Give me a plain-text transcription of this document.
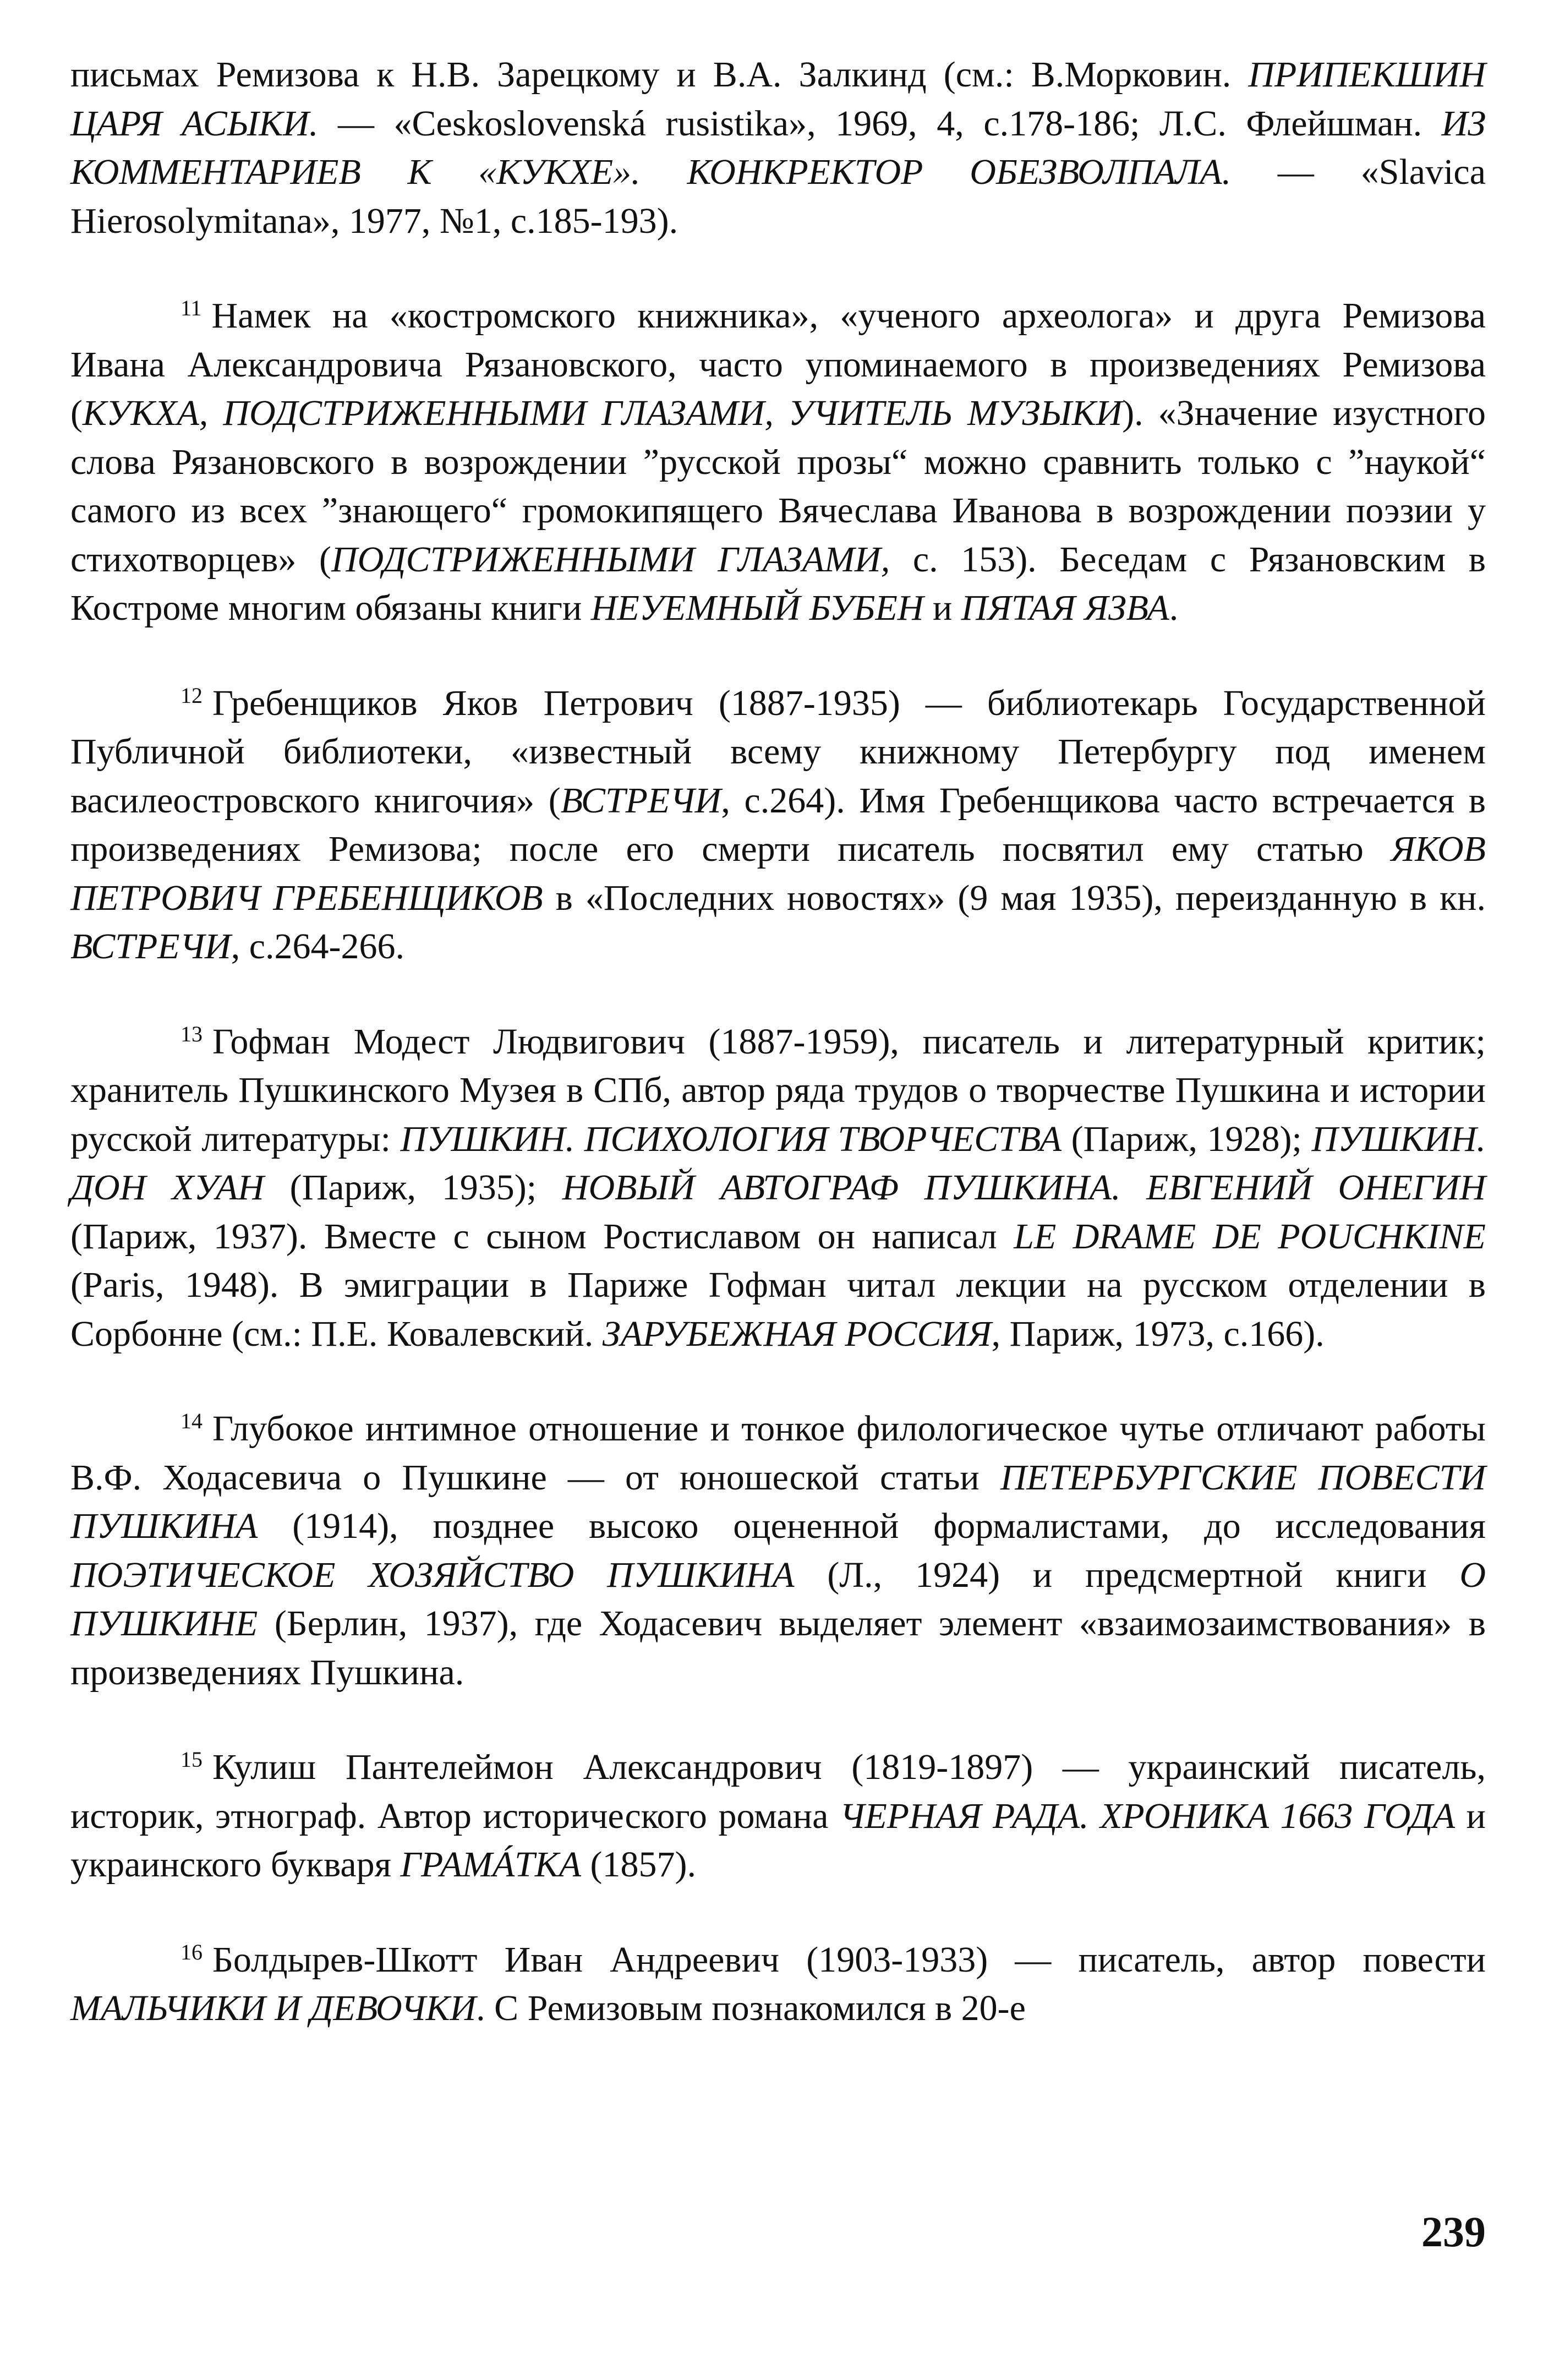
письмах Ремизова к Н.В. Зарецкому и В.А. Залкинд (см.: В.Морковин. ПРИПЕКШИН ЦАРЯ АСЫКИ. — «Ceskoslovenská rusistika», 1969, 4, с.178-186; Л.С. Флейшман. ИЗ КОММЕНТАРИЕВ К «КУКХЕ». КОНКРЕКТОР ОБЕЗВОЛПАЛА. — «Slavica Hierosolymitana», 1977, №1, с.185-193).

$^{11}$ Намек на «костромского книжника», «ученого археолога» и друга Ремизова Ивана Александровича Рязановского, часто упоминаемого в произведениях Ремизова (КУКХА, ПОДСТРИЖЕННЫМИ ГЛАЗАМИ, УЧИТЕЛЬ МУЗЫКИ). «Значение изустного слова Рязановского в возрождении ”русской прозы“ можно сравнить только с ”наукой“ самого из всех ”знающего“ громокипящего Вячеслава Иванова в возрождении поэзии у стихотворцев» (ПОДСТРИЖЕННЫМИ ГЛАЗАМИ, с. 153). Беседам с Рязановским в Костроме многим обязаны книги НЕУЕМНЫЙ БУБЕН и ПЯТАЯ ЯЗВА.

$^{12}$ Гребенщиков Яков Петрович (1887-1935) — библиотекарь Государственной Публичной библиотеки, «известный всему книжному Петербургу под именем василеостровского книгочия» (ВСТРЕЧИ, с.264). Имя Гребенщикова часто встречается в произведениях Ремизова; после его смерти писатель посвятил ему статью ЯКОВ ПЕТРОВИЧ ГРЕБЕНЩИКОВ в «Последних новостях» (9 мая 1935), переизданную в кн. ВСТРЕЧИ, с.264-266.

$^{13}$ Гофман Модест Людвигович (1887-1959), писатель и литературный критик; хранитель Пушкинского Музея в СПб, автор ряда трудов о творчестве Пушкина и истории русской литературы: ПУШКИН. ПСИХОЛОГИЯ ТВОРЧЕСТВА (Париж, 1928); ПУШКИН. ДОН ХУАН (Париж, 1935); НОВЫЙ АВТОГРАФ ПУШКИНА. ЕВГЕНИЙ ОНЕГИН (Париж, 1937). Вместе с сыном Ростиславом он написал LE DRAME DE POUCHKINE (Paris, 1948). В эмиграции в Париже Гофман читал лекции на русском отделении в Сорбонне (см.: П.Е. Ковалевский. ЗАРУБЕЖНАЯ РОССИЯ, Париж, 1973, с.166).

$^{14}$ Глубокое интимное отношение и тонкое филологическое чутье отличают работы В.Ф. Ходасевича о Пушкине — от юношеской статьи ПЕТЕРБУРГСКИЕ ПОВЕСТИ ПУШКИНА (1914), позднее высоко оцененной формалистами, до исследования ПОЭТИЧЕСКОЕ ХОЗЯЙСТВО ПУШКИНА (Л., 1924) и предсмертной книги О ПУШКИНЕ (Берлин, 1937), где Ходасевич выделяет элемент «взаимозаимствования» в произведениях Пушкина.

$^{15}$ Кулиш Пантелеймон Александрович (1819-1897) — украинский писатель, историк, этнограф. Автор исторического романа ЧЕРНАЯ РАДА. ХРОНИКА 1663 ГОДА и украинского букваря ГРАМÁТКА (1857).

$^{16}$ Болдырев-Шкотт Иван Андреевич (1903-1933) — писатель, автор повести МАЛЬЧИКИ И ДЕВОЧКИ. С Ремизовым познакомился в 20-е

239
